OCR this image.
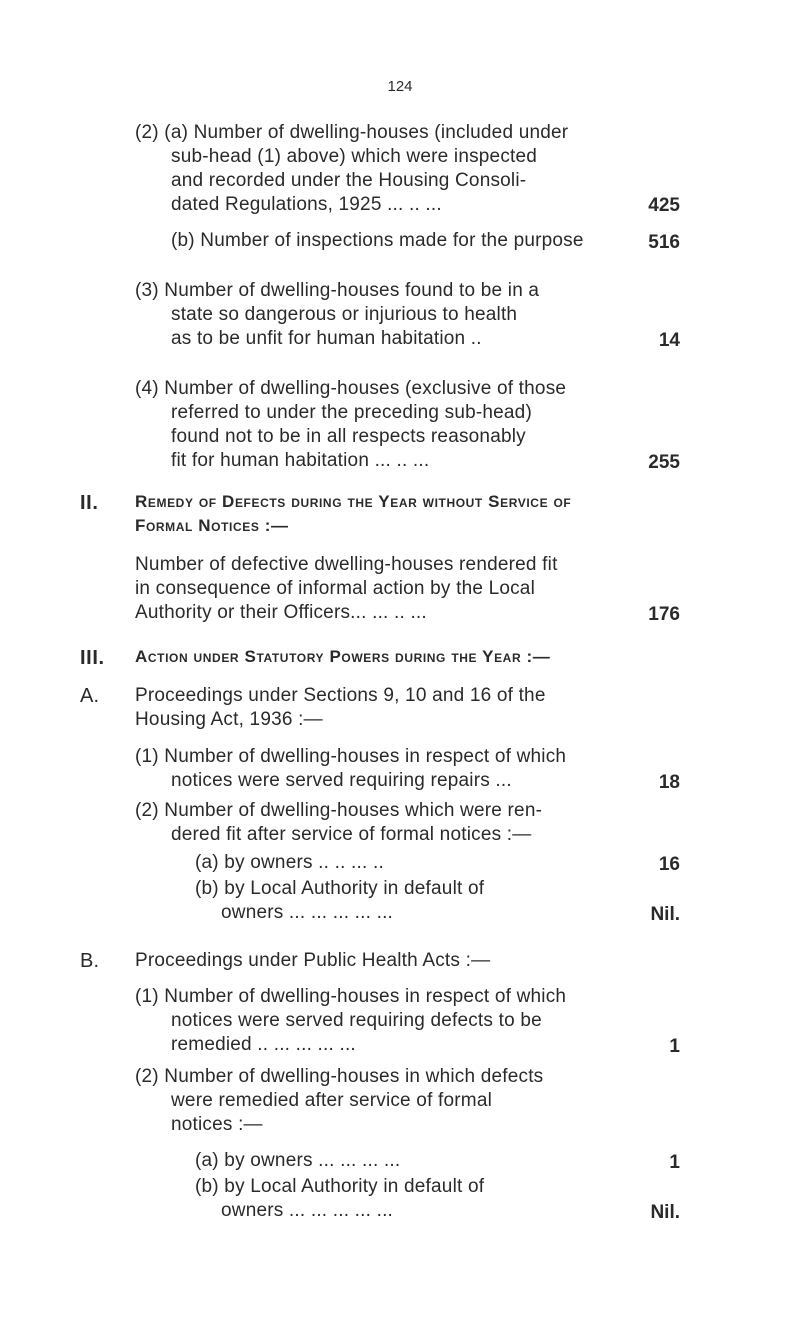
124
(2) (a) Number of dwelling-houses (included under
sub-head (1) above) which were inspected
and recorded under the Housing Consoli-
dated Regulations, 1925 ... .. ...	425
(b) Number of inspections made for the purpose	516
(3) Number of dwelling-houses found to be in a
state so dangerous or injurious to health
as to be unfit for human habitation ..	14
(4) Number of dwelling-houses (exclusive of those
referred to under the preceding sub-head)
found not to be in all respects reasonably
fit for human habitation ... .. ...	255
II. Remedy of Defects during the Year without Service of
Formal Notices :—
Number of defective dwelling-houses rendered fit
in consequence of informal action by the Local
Authority or their Officers... ... .. ...	176
III. Action under Statutory Powers during the Year :—
A. Proceedings under Sections 9, 10 and 16 of the
Housing Act, 1936 :—
(1) Number of dwelling-houses in respect of which
notices were served requiring repairs ...	18
(2) Number of dwelling-houses which were ren-
dered fit after service of formal notices :—
(a) by owners .. .. ... ..	16
(b) by Local Authority in default of
owners ... ... ... ... ...	Nil.
B. Proceedings under Public Health Acts :—
(1) Number of dwelling-houses in respect of which
notices were served requiring defects to be
remedied .. ... ... ... ...	1
(2) Number of dwelling-houses in which defects
were remedied after service of formal
notices :—
(a) by owners ... ... ... ...	1
(b) by Local Authority in default of
owners ... ... ... ... ...	Nil.
